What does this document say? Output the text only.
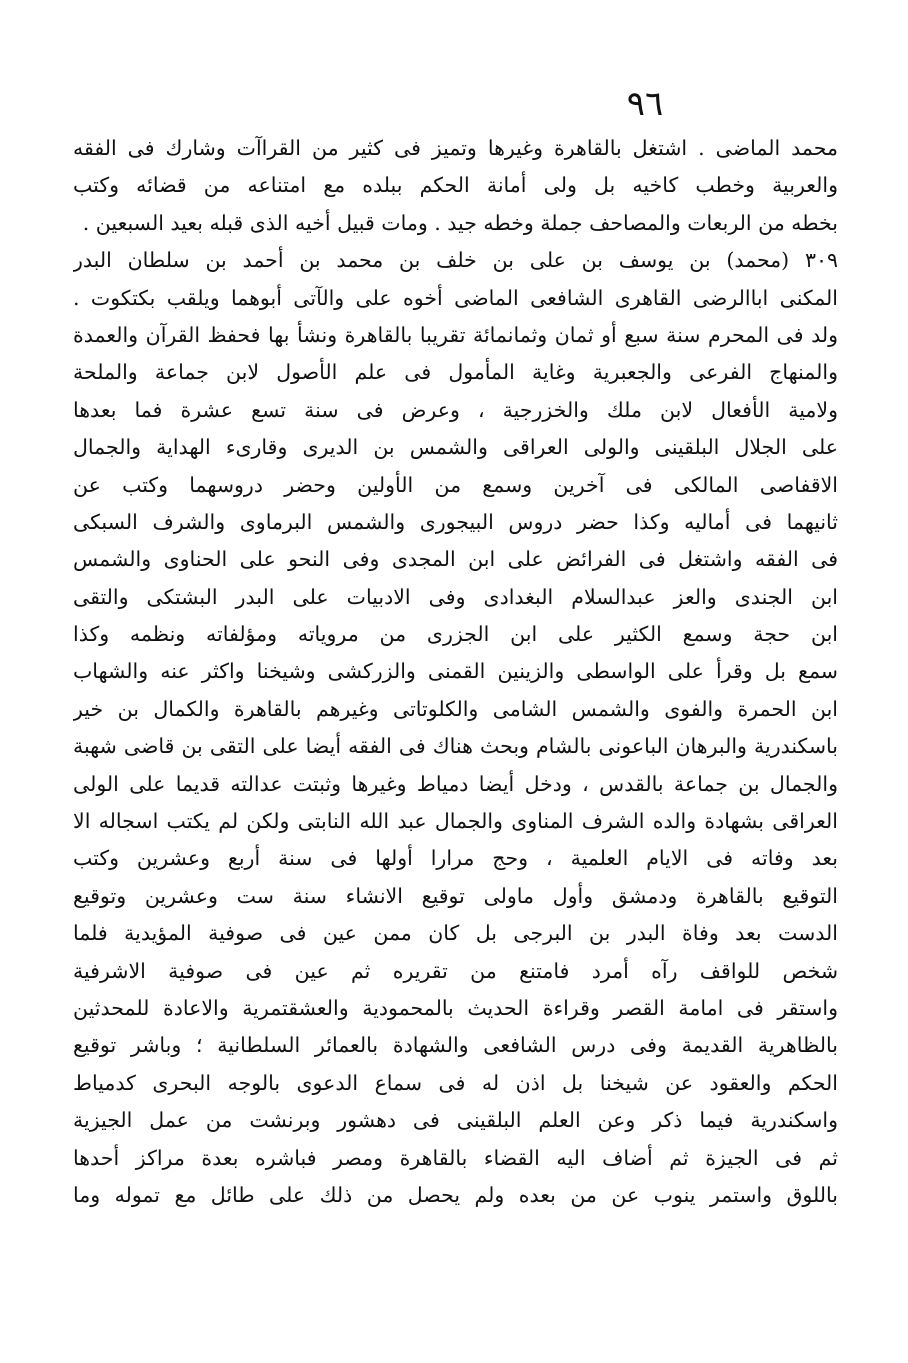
٩٦
محمد الماضى . اشتغل بالقاهرة وغيرها وتميز فى كثير من القراآت وشارك فى الفقه
والعربية وخطب كاخيه بل ولى أمانة الحكم ببلده مع امتناعه من قضائه وكتب
بخطه من الربعات والمصاحف جملة وخطه جيد . ومات قبيل أخيه الذى قبله بعيد السبعين .
٣٠٩ (محمد) بن يوسف بن على بن خلف بن محمد بن أحمد بن سلطان البدر
المكنى اباالرضى القاهرى الشافعى الماضى أخوه على والآتى أبوهما ويلقب بكتكوت .
ولد فى المحرم سنة سبع أو ثمان وثمانمائة تقريبا بالقاهرة ونشأ بها فحفظ القرآن والعمدة
والمنهاج الفرعى والجعبرية وغاية المأمول فى علم الأصول لابن جماعة والملحة
ولامية الأفعال لابن ملك والخزرجية ، وعرض فى سنة تسع عشرة فما بعدها
على الجلال البلقينى والولى العراقى والشمس بن الديرى وقارىء الهداية والجمال
الاقفاصى المالكى فى آخرين وسمع من الأولين وحضر دروسهما وكتب عن
ثانيهما فى أماليه وكذا حضر دروس البيجورى والشمس البرماوى والشرف السبكى
فى الفقه واشتغل فى الفرائض على ابن المجدى وفى النحو على الحناوى والشمس
ابن الجندى والعز عبدالسلام البغدادى وفى الادبيات على البدر البشتكى والتقى
ابن حجة وسمع الكثير على ابن الجزرى من مروياته ومؤلفاته ونظمه وكذا
سمع بل وقرأ على الواسطى والزينين القمنى والزركشى وشيخنا واكثر عنه والشهاب
ابن الحمرة والفوى والشمس الشامى والكلوتاتى وغيرهم بالقاهرة والكمال بن خير
باسكندرية والبرهان الباعونى بالشام وبحث هناك فى الفقه أيضا على التقى بن قاضى شهبة
والجمال بن جماعة بالقدس ، ودخل أيضا دمياط وغيرها وثبتت عدالته قديما على الولى
العراقى بشهادة والده الشرف المناوى والجمال عبد الله النابتى ولكن لم يكتب اسجاله الا
بعد وفاته فى الايام العلمية ، وحج مرارا أولها فى سنة أربع وعشرين وكتب
التوقيع بالقاهرة ودمشق وأول ماولى توقيع الانشاء سنة ست وعشرين وتوقيع
الدست بعد وفاة البدر بن البرجى بل كان ممن عين فى صوفية المؤيدية فلما
شخص للواقف رآه أمرد فامتنع من تقريره ثم عين فى صوفية الاشرفية
واستقر فى امامة القصر وقراءة الحديث بالمحمودية والعشقتمرية والاعادة للمحدثين
بالظاهرية القديمة وفى درس الشافعى والشهادة بالعمائر السلطانية ؛ وباشر توقيع
الحكم والعقود عن شيخنا بل اذن له فى سماع الدعوى بالوجه البحرى كدمياط
واسكندرية فيما ذكر وعن العلم البلقينى فى دهشور وبرنشت من عمل الجيزية
ثم فى الجيزة ثم أضاف اليه القضاء بالقاهرة ومصر فباشره بعدة مراكز أحدها
باللوق واستمر ينوب عن من بعده ولم يحصل من ذلك على طائل مع تموله وما
